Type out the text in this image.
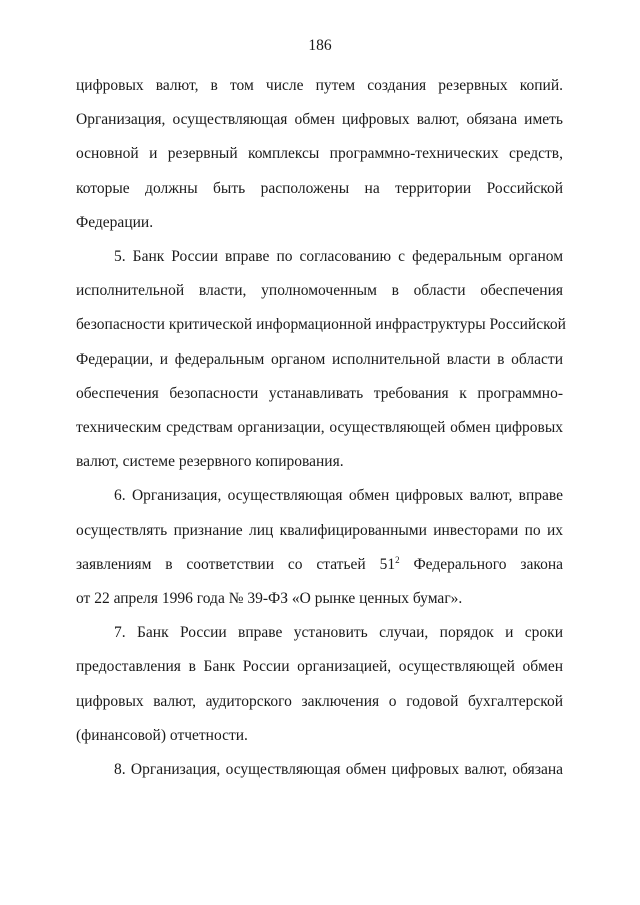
186
цифровых валют, в том числе путем создания резервных копий.
Организация, осуществляющая обмен цифровых валют, обязана иметь
основной и резервный комплексы программно-технических средств,
которые должны быть расположены на территории Российской
Федерации.
5. Банк России вправе по согласованию с федеральным органом
исполнительной власти, уполномоченным в области обеспечения
безопасности критической информационной инфраструктуры Российской
Федерации, и федеральным органом исполнительной власти в области
обеспечения безопасности устанавливать требования к программно-
техническим средствам организации, осуществляющей обмен цифровых
валют, системе резервного копирования.
6. Организация, осуществляющая обмен цифровых валют, вправе
осуществлять признание лиц квалифицированными инвесторами по их
заявлениям в соответствии со статьей $51^2$ Федерального закона
от 22 апреля 1996 года № 39-ФЗ «О рынке ценных бумаг».
7. Банк России вправе установить случаи, порядок и сроки
предоставления в Банк России организацией, осуществляющей обмен
цифровых валют, аудиторского заключения о годовой бухгалтерской
(финансовой) отчетности.
8. Организация, осуществляющая обмен цифровых валют, обязана
